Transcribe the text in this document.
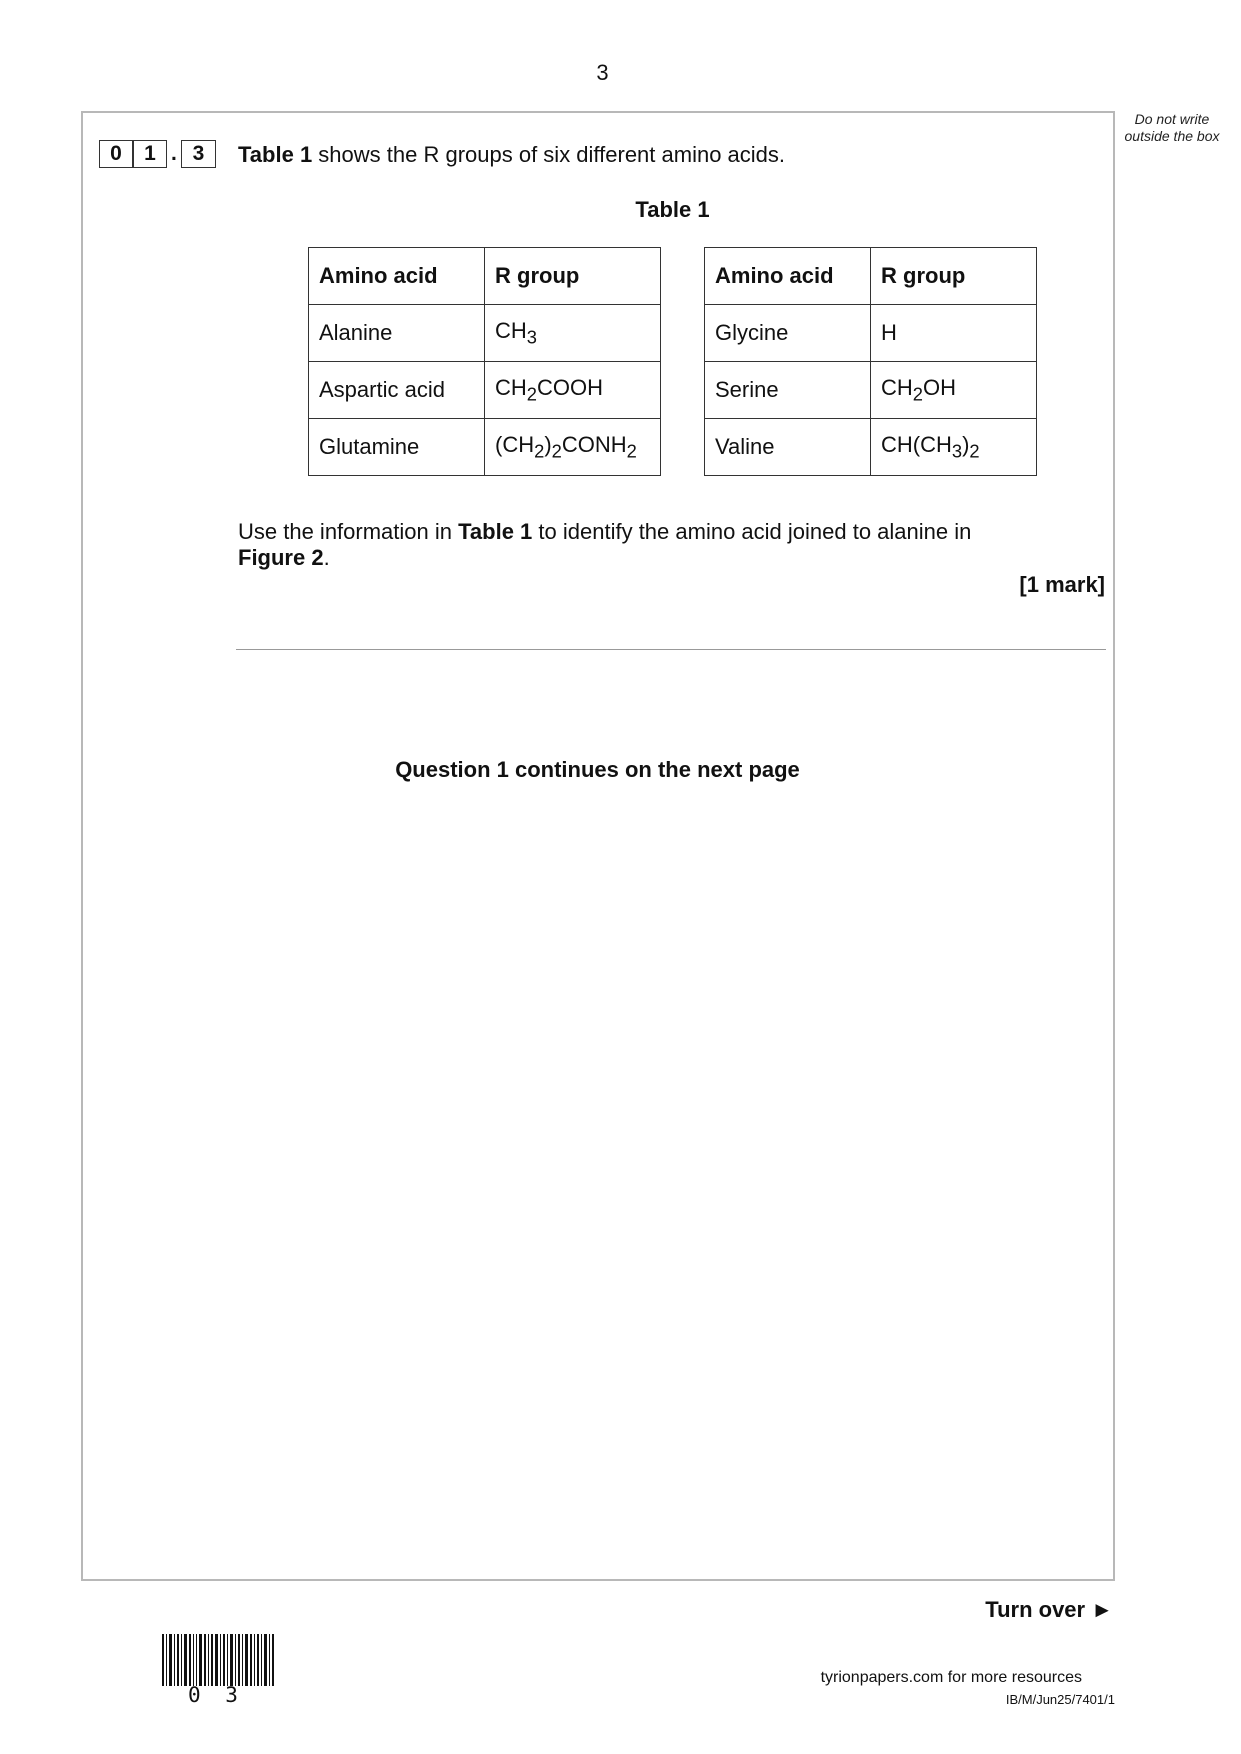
3
Do not write outside the box
0	1 . 3	Table 1 shows the R groups of six different amino acids.
Table 1
Amino acid	R group
Alanine	$CH_3$
Aspartic acid	$CH_2COOH$
Glutamine	$(CH_2)_2CONH_2$
Amino acid	R group
Glycine	H
Serine	$CH_2OH$
Valine	$CH(CH_3)_2$
Use the information in Table 1 to identify the amino acid joined to alanine in Figure 2.
[1 mark]
Question 1 continues on the next page
Turn over ►
0 3
tyrionpapers.com for more resources
IB/M/Jun25/7401/1
